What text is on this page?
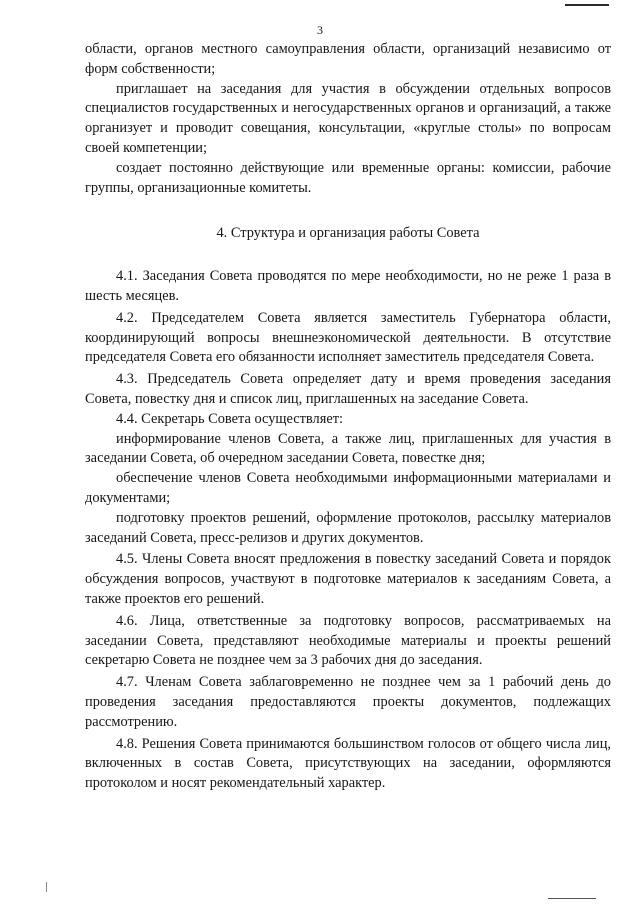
3

области, органов местного самоуправления области, организаций независимо от форм собственности;

приглашает на заседания для участия в обсуждении отдельных вопросов специалистов государственных и негосударственных органов и организаций, а также организует и проводит совещания, консультации, «круглые столы» по вопросам своей компетенции;

создает постоянно действующие или временные органы: комиссии, рабочие группы, организационные комитеты.

4. Структура и организация работы Совета

4.1. Заседания Совета проводятся по мере необходимости, но не реже 1 раза в шесть месяцев.

4.2. Председателем Совета является заместитель Губернатора области, координирующий вопросы внешнеэкономической деятельности. В отсутствие председателя Совета его обязанности исполняет заместитель председателя Совета.

4.3. Председатель Совета определяет дату и время проведения заседания Совета, повестку дня и список лиц, приглашенных на заседание Совета.

4.4. Секретарь Совета осуществляет:

информирование членов Совета, а также лиц, приглашенных для участия в заседании Совета, об очередном заседании Совета, повестке дня;

обеспечение членов Совета необходимыми информационными материалами и документами;

подготовку проектов решений, оформление протоколов, рассылку материалов заседаний Совета, пресс-релизов и других документов.

4.5. Члены Совета вносят предложения в повестку заседаний Совета и порядок обсуждения вопросов, участвуют в подготовке материалов к заседаниям Совета, а также проектов его решений.

4.6. Лица, ответственные за подготовку вопросов, рассматриваемых на заседании Совета, представляют необходимые материалы и проекты решений секретарю Совета не позднее чем за 3 рабочих дня до заседания.

4.7. Членам Совета заблаговременно не позднее чем за 1 рабочий день до проведения заседания предоставляются проекты документов, подлежащих рассмотрению.

4.8. Решения Совета принимаются большинством голосов от общего числа лиц, включенных в состав Совета, присутствующих на заседании, оформляются протоколом и носят рекомендательный характер.
